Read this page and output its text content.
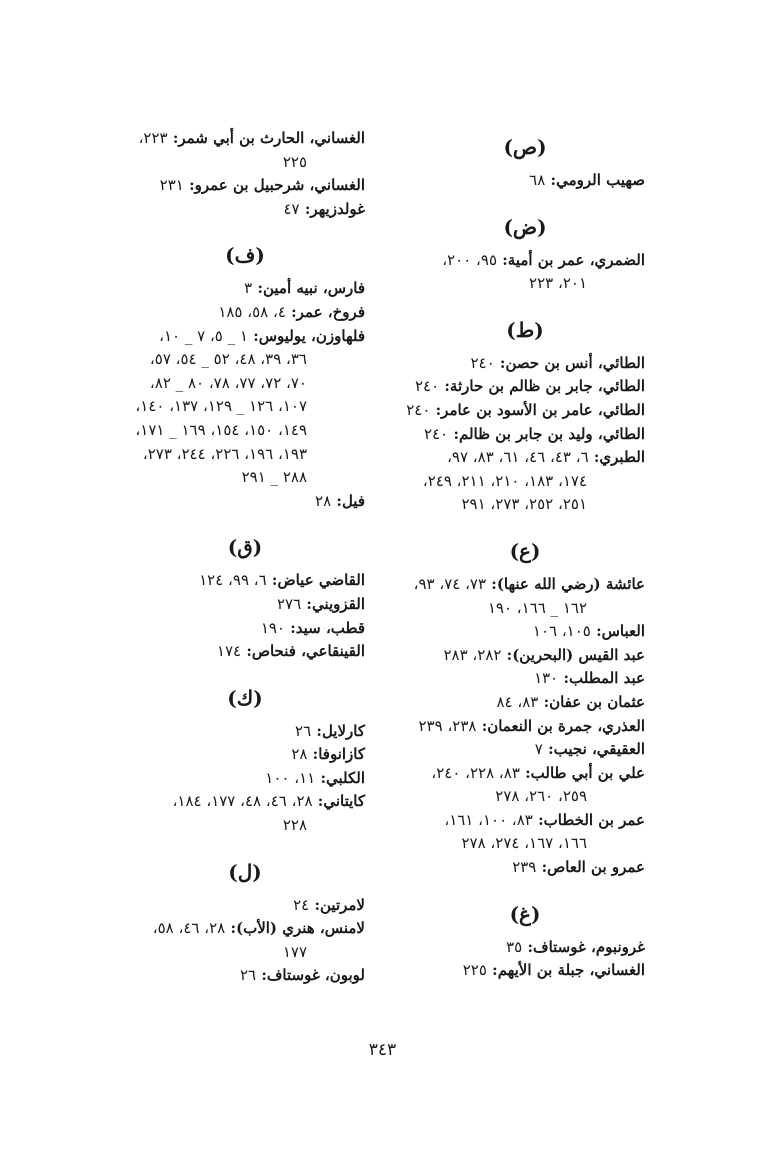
(ص)
صهيب الرومي: ٦٨
(ض)
الضمري، عمر بن أمية: ٩٥، ٢٠٠،
٢٠١، ٢٢٣
(ط)
الطائي، أنس بن حصن: ٢٤٠
الطائي، جابر بن ظالم بن حارثة: ٢٤٠
الطائي، عامر بن الأسود بن عامر: ٢٤٠
الطائي، وليد بن جابر بن ظالم: ٢٤٠
الطبري: ٦، ٤٣، ٤٦، ٦١، ٨٣، ٩٧،
١٧٤، ١٨٣، ٢١٠، ٢١١، ٢٤٩،
٢٥١، ٢٥٢، ٢٧٣، ٢٩١
(ع)
عائشة (رضي الله عنها): ٧٣، ٧٤، ٩٣،
١٦٢ _ ١٦٦، ١٩٠
العباس: ١٠٥، ١٠٦
عبد القيس (البحرين): ٢٨٢، ٢٨٣
عبد المطلب: ١٣٠
عثمان بن عفان: ٨٣، ٨٤
العذري، جمرة بن النعمان: ٢٣٨، ٢٣٩
العقيقي، نجيب: ٧
علي بن أبي طالب: ٨٣، ٢٢٨، ٢٤٠،
٢٥٩، ٢٦٠، ٢٧٨
عمر بن الخطاب: ٨٣، ١٠٠، ١٦١،
١٦٦، ١٦٧، ٢٧٤، ٢٧٨
عمرو بن العاص: ٢٣٩
(غ)
غرونبوم، غوستاف: ٣٥
الغساني، جبلة بن الأيهم: ٢٢٥
الغساني، الحارث بن أبي شمر: ٢٢٣،
٢٢٥
الغساني، شرحبيل بن عمرو: ٢٣١
غولدزيهر: ٤٧
(ف)
فارس، نبيه أمين: ٣
فروخ، عمر: ٤، ٥٨، ١٨٥
فلهاوزن، يوليوس: ١ _ ٥، ٧ _ ١٠،
٣٦، ٣٩، ٤٨، ٥٢ _ ٥٤، ٥٧،
٧٠، ٧٢، ٧٧، ٧٨، ٨٠ _ ٨٢،
١٠٧، ١٢٦ _ ١٢٩، ١٣٧، ١٤٠،
١٤٩، ١٥٠، ١٥٤، ١٦٩ _ ١٧١،
١٩٣، ١٩٦، ٢٢٦، ٢٤٤، ٢٧٣،
٢٨٨ _ ٢٩١
فيل: ٢٨
(ق)
القاضي عياض: ٦، ٩٩، ١٢٤
القزويني: ٢٧٦
قطب، سيد: ١٩٠
القينقاعي، فنحاص: ١٧٤
(ك)
كارلايل: ٢٦
كازانوفا: ٢٨
الكلبي: ١١، ١٠٠
كايتاني: ٢٨، ٤٦، ٤٨، ١٧٧، ١٨٤،
٢٢٨
(ل)
لامرتين: ٢٤
لامنس، هنري (الأب): ٢٨، ٤٦، ٥٨،
١٧٧
لوبون، غوستاف: ٢٦
٣٤٣
